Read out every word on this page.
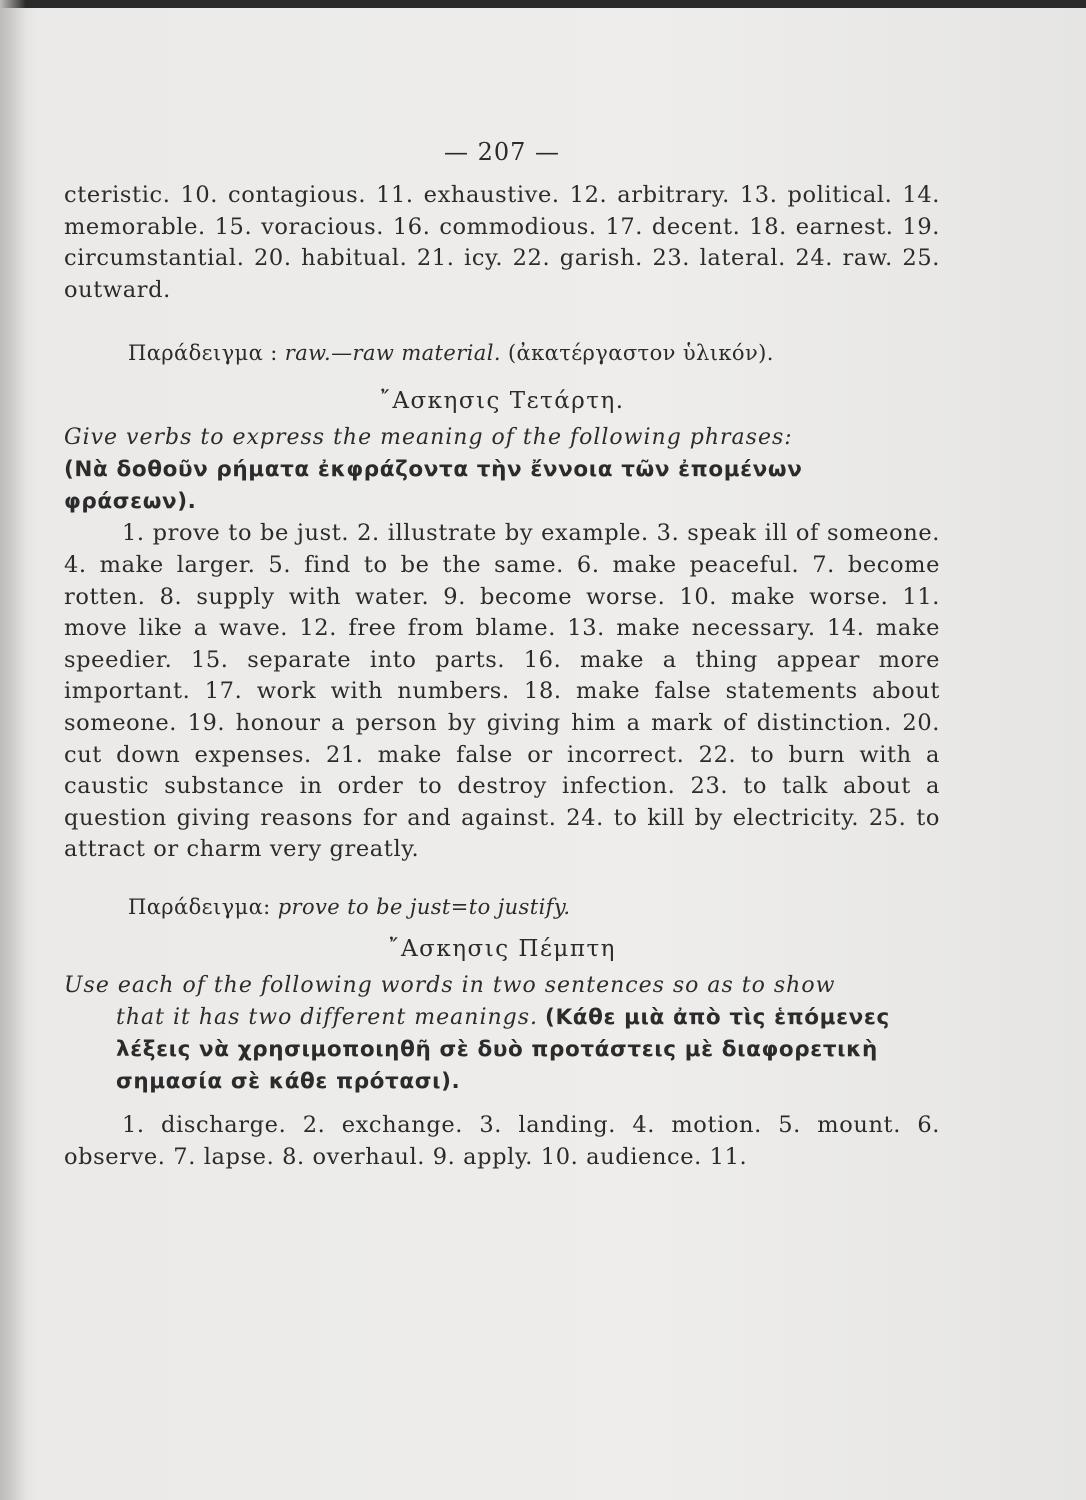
— 207 —

cteristic. 10. contagious. 11. exhaustive. 12. arbitrary. 13. political. 14. memorable. 15. voracious. 16. commodious. 17. decent. 18. earnest. 19. circumstantial. 20. habitual. 21. icy. 22. garish. 23. lateral. 24. raw. 25. outward.

Παράδειγμα : raw.—raw material. (ἀκατέργαστον ὑλικόν).

῎Ασκησις Τετάρτη.

Give verbs to express the meaning of the following phrases:

(Νὰ δοθοῦν ρήματα ἐκφράζοντα τὴν ἔννοια τῶν ἐπομένων φράσεων).

1. prove to be just. 2. illustrate by example. 3. speak ill of someone. 4. make larger. 5. find to be the same. 6. make peaceful. 7. become rotten. 8. supply with water. 9. become worse. 10. make worse. 11. move like a wave. 12. free from blame. 13. make necessary. 14. make speedier. 15. separate into parts. 16. make a thing appear more important. 17. work with numbers. 18. make false statements about someone. 19. honour a person by giving him a mark of distinction. 20. cut down expenses. 21. make false or incorrect. 22. to burn with a caustic substance in order to destroy infection. 23. to talk about a question giving reasons for and against. 24. to kill by electricity. 25. to attract or charm very greatly.

Παράδειγμα: prove to be just=to justify.

῎Ασκησις Πέμπτη

Use each of the following words in two sentences so as to show

that it has two different meanings. (Κάθε μιὰ ἀπὸ τὶς ἑπόμενες λέξεις νὰ χρησιμοποιηθῆ σὲ δυὸ προτάστεις μὲ διαφορετικὴ σημασία σὲ κάθε πρότασι).

1. discharge. 2. exchange. 3. landing. 4. motion. 5. mount. 6. observe. 7. lapse. 8. overhaul. 9. apply. 10. audience. 11.
